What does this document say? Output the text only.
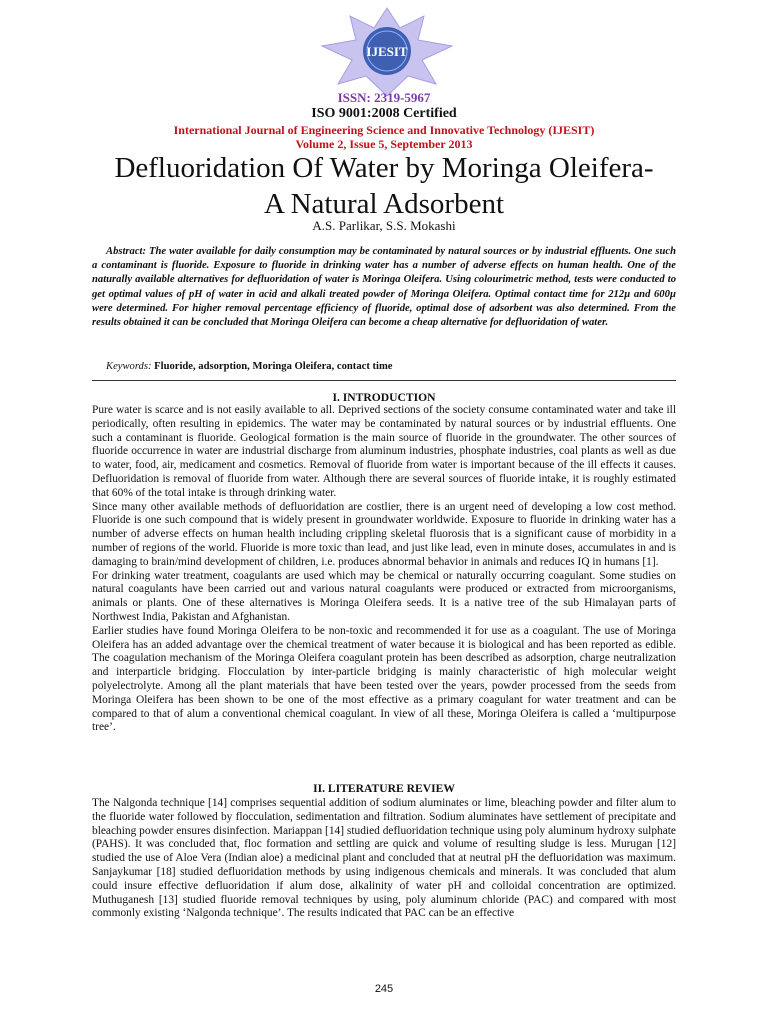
IJESIT
ISSN: 2319-5967
ISO 9001:2008 Certified
International Journal of Engineering Science and Innovative Technology (IJESIT)
Volume 2, Issue 5, September 2013
Defluoridation Of Water by Moringa Oleifera-
A Natural Adsorbent
A.S. Parlikar, S.S. Mokashi

Abstract: The water available for daily consumption may be contaminated by natural sources or by industrial effluents. One such a contaminant is fluoride. Exposure to fluoride in drinking water has a number of adverse effects on human health. One of the naturally available alternatives for defluoridation of water is Moringa Oleifera. Using colourimetric method, tests were conducted to get optimal values of pH of water in acid and alkali treated powder of Moringa Oleifera. Optimal contact time for 212µ and 600µ were determined. For higher removal percentage efficiency of fluoride, optimal dose of adsorbent was also determined. From the results obtained it can be concluded that Moringa Oleifera can become a cheap alternative for defluoridation of water.

Keywords: Fluoride, adsorption, Moringa Oleifera, contact time
I. INTRODUCTION

Pure water is scarce and is not easily available to all. Deprived sections of the society consume contaminated water and take ill periodically, often resulting in epidemics. The water may be contaminated by natural sources or by industrial effluents. One such a contaminant is fluoride. Geological formation is the main source of fluoride in the groundwater. The other sources of fluoride occurrence in water are industrial discharge from aluminum industries, phosphate industries, coal plants as well as due to water, food, air, medicament and cosmetics. Removal of fluoride from water is important because of the ill effects it causes. Defluoridation is removal of fluoride from water. Although there are several sources of fluoride intake, it is roughly estimated that 60% of the total intake is through drinking water.

Since many other available methods of defluoridation are costlier, there is an urgent need of developing a low cost method. Fluoride is one such compound that is widely present in groundwater worldwide. Exposure to fluoride in drinking water has a number of adverse effects on human health including crippling skeletal fluorosis that is a significant cause of morbidity in a number of regions of the world. Fluoride is more toxic than lead, and just like lead, even in minute doses, accumulates in and is damaging to brain/mind development of children, i.e. produces abnormal behavior in animals and reduces IQ in humans [1].

For drinking water treatment, coagulants are used which may be chemical or naturally occurring coagulant. Some studies on natural coagulants have been carried out and various natural coagulants were produced or extracted from microorganisms, animals or plants. One of these alternatives is Moringa Oleifera seeds. It is a native tree of the sub Himalayan parts of Northwest India, Pakistan and Afghanistan.

Earlier studies have found Moringa Oleifera to be non-toxic and recommended it for use as a coagulant. The use of Moringa Oleifera has an added advantage over the chemical treatment of water because it is biological and has been reported as edible. The coagulation mechanism of the Moringa Oleifera coagulant protein has been described as adsorption, charge neutralization and interparticle bridging. Flocculation by inter-particle bridging is mainly characteristic of high molecular weight polyelectrolyte. Among all the plant materials that have been tested over the years, powder processed from the seeds from Moringa Oleifera has been shown to be one of the most effective as a primary coagulant for water treatment and can be compared to that of alum a conventional chemical coagulant. In view of all these, Moringa Oleifera is called a ‘multipurpose tree’.

II. LITERATURE REVIEW

The Nalgonda technique [14] comprises sequential addition of sodium aluminates or lime, bleaching powder and filter alum to the fluoride water followed by flocculation, sedimentation and filtration. Sodium aluminates have settlement of precipitate and bleaching powder ensures disinfection. Mariappan [14] studied defluoridation technique using poly aluminum hydroxy sulphate (PAHS). It was concluded that, floc formation and settling are quick and volume of resulting sludge is less. Murugan [12] studied the use of Aloe Vera (Indian aloe) a medicinal plant and concluded that at neutral pH the defluoridation was maximum. Sanjaykumar [18] studied defluoridation methods by using indigenous chemicals and minerals. It was concluded that alum could insure effective defluoridation if alum dose, alkalinity of water pH and colloidal concentration are optimized. Muthuganesh [13] studied fluoride removal techniques by using, poly aluminum chloride (PAC) and compared with most commonly existing ‘Nalgonda technique’. The results indicated that PAC can be an effective

245
